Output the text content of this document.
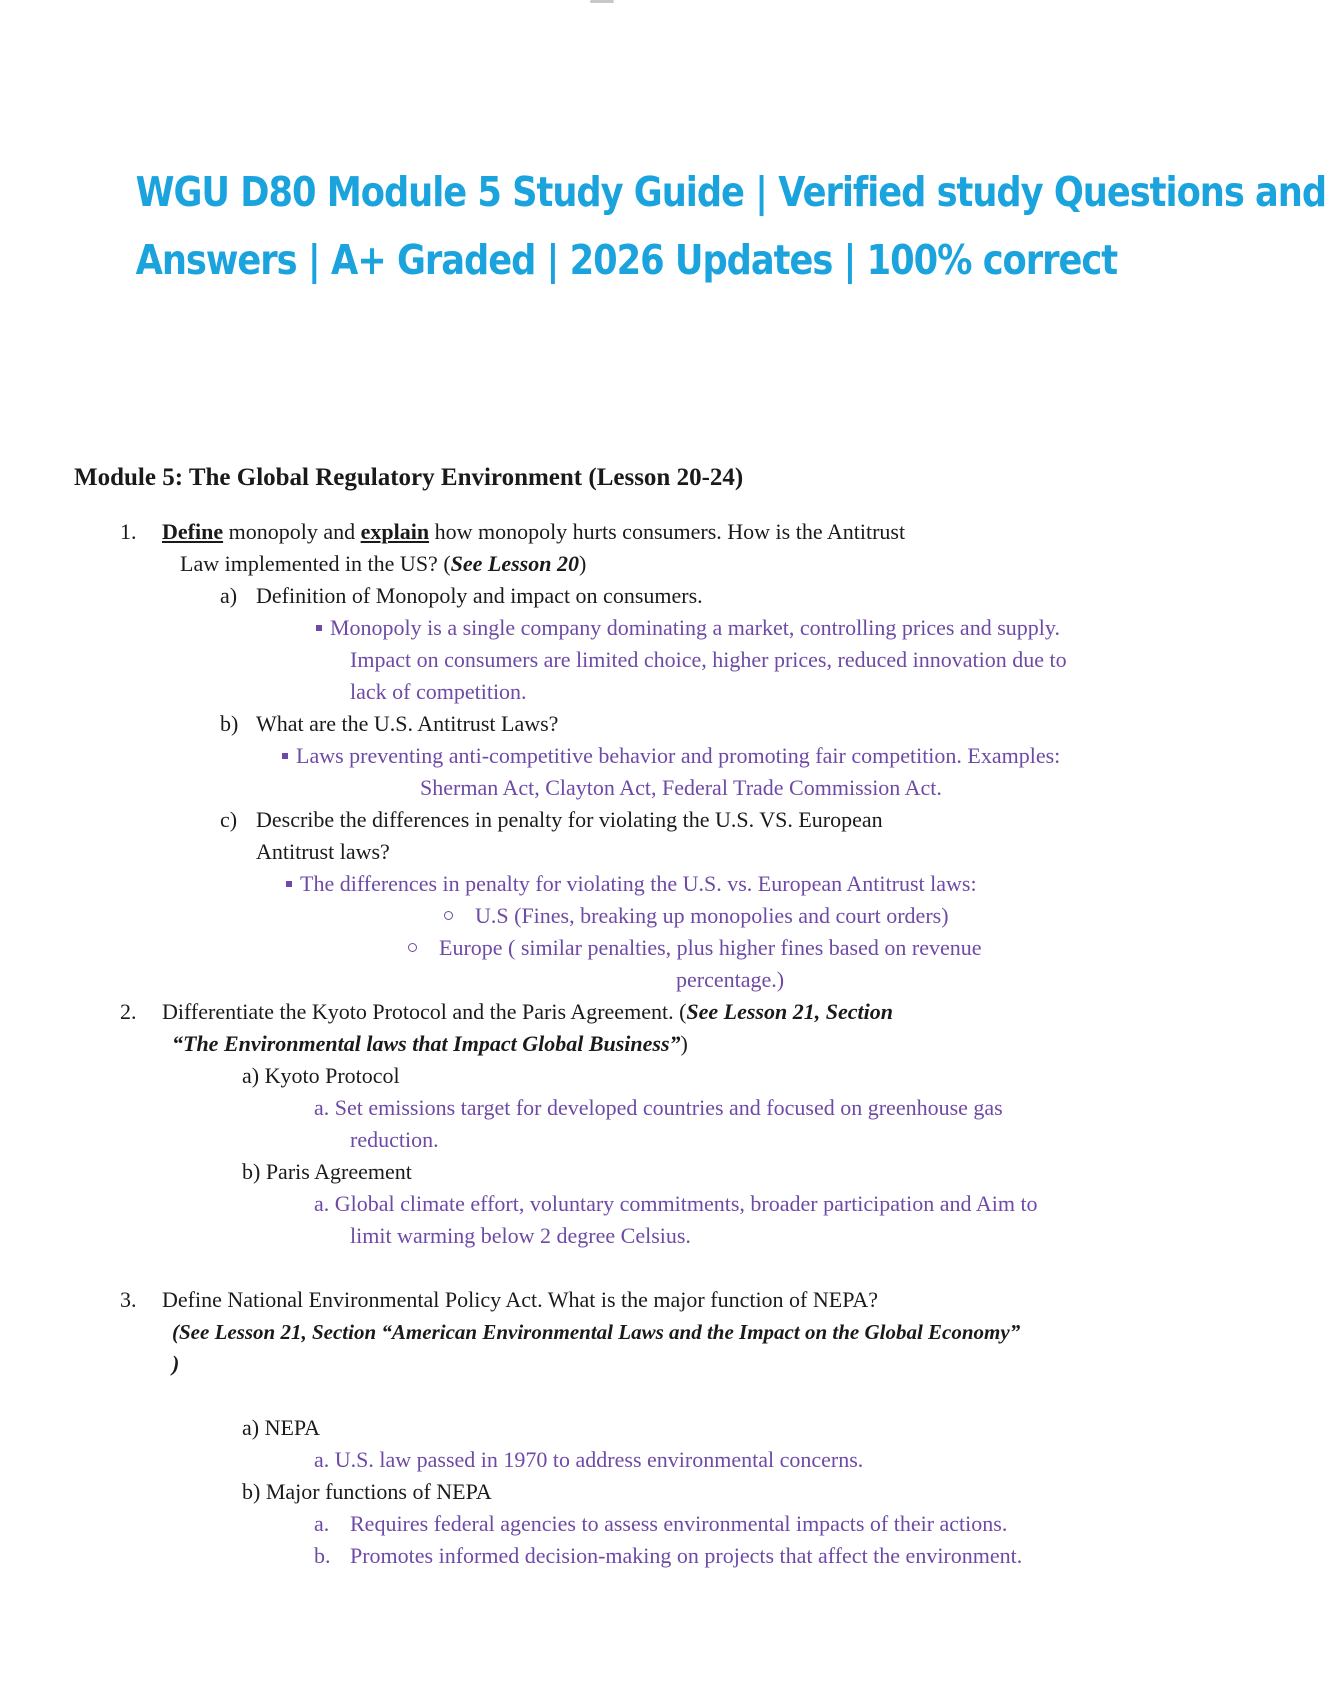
WGU D80 Module 5 Study Guide | Verified study Questions and
Answers | A+ Graded | 2026 Updates | 100% correct
Module 5: The Global Regulatory Environment (Lesson 20-24)
1. Define monopoly and explain how monopoly hurts consumers. How is the Antitrust
Law implemented in the US? (See Lesson 20)
a) Definition of Monopoly and impact on consumers.
Monopoly is a single company dominating a market, controlling prices and supply.
Impact on consumers are limited choice, higher prices, reduced innovation due to
lack of competition.
b) What are the U.S. Antitrust Laws?
Laws preventing anti-competitive behavior and promoting fair competition. Examples:
Sherman Act, Clayton Act, Federal Trade Commission Act.
c) Describe the differences in penalty for violating the U.S. VS. European
Antitrust laws?
The differences in penalty for violating the U.S. vs. European Antitrust laws:
U.S (Fines, breaking up monopolies and court orders)
Europe ( similar penalties, plus higher fines based on revenue
percentage.)
2. Differentiate the Kyoto Protocol and the Paris Agreement. (See Lesson 21, Section
“The Environmental laws that Impact Global Business”)
a) Kyoto Protocol
a. Set emissions target for developed countries and focused on greenhouse gas
reduction.
b) Paris Agreement
a. Global climate effort, voluntary commitments, broader participation and Aim to
limit warming below 2 degree Celsius.
3. Define National Environmental Policy Act. What is the major function of NEPA?
(See Lesson 21, Section “American Environmental Laws and the Impact on the Global Economy”
)
a) NEPA
a. U.S. law passed in 1970 to address environmental concerns.
b) Major functions of NEPA
a. Requires federal agencies to assess environmental impacts of their actions.
b. Promotes informed decision-making on projects that affect the environment.
